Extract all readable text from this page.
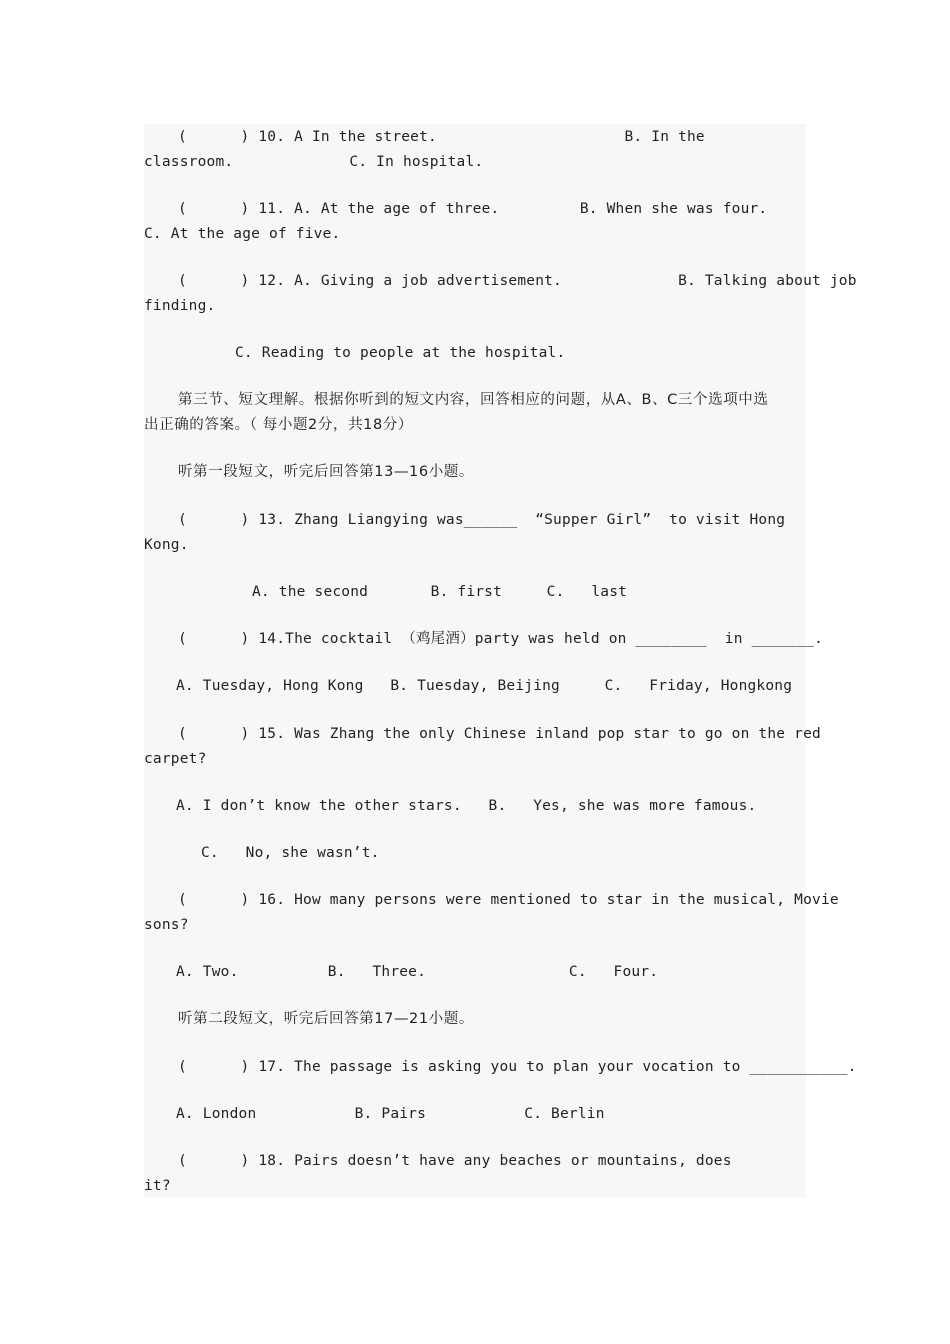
(      ) 10. A In the street.                     B. In the

classroom.             C. In hospital.

(      ) 11. A. At the age of three.         B. When she was four.

C. At the age of five.

(      ) 12. A. Giving a job advertisement.             B. Talking about job

finding.

C. Reading to people at the hospital.

第三节、短文理解。根据你听到的短文内容，回答相应的问题，从A、B、C三个选项中选

出正确的答案。（ 每小题2分，共18分）

听第一段短文，听完后回答第13—16小题。

(      ) 13. Zhang Liangying was______  “Supper Girl”  to visit Hong

Kong.

A. the second       B. first     C.   last

(      ) 14.The cocktail （鸡尾酒）party was held on ________  in _______.

A. Tuesday, Hong Kong   B. Tuesday, Beijing     C.   Friday, Hongkong

(      ) 15. Was Zhang the only Chinese inland pop star to go on the red

carpet?

A. I don’t know the other stars.   B.   Yes, she was more famous.

C.   No, she wasn’t.

(      ) 16. How many persons were mentioned to star in the musical, Movie

sons?

A. Two.          B.   Three.                C.   Four.

听第二段短文，听完后回答第17—21小题。

(      ) 17. The passage is asking you to plan your vocation to ___________.

A. London           B. Pairs           C. Berlin

(      ) 18. Pairs doesn’t have any beaches or mountains, does

it?
